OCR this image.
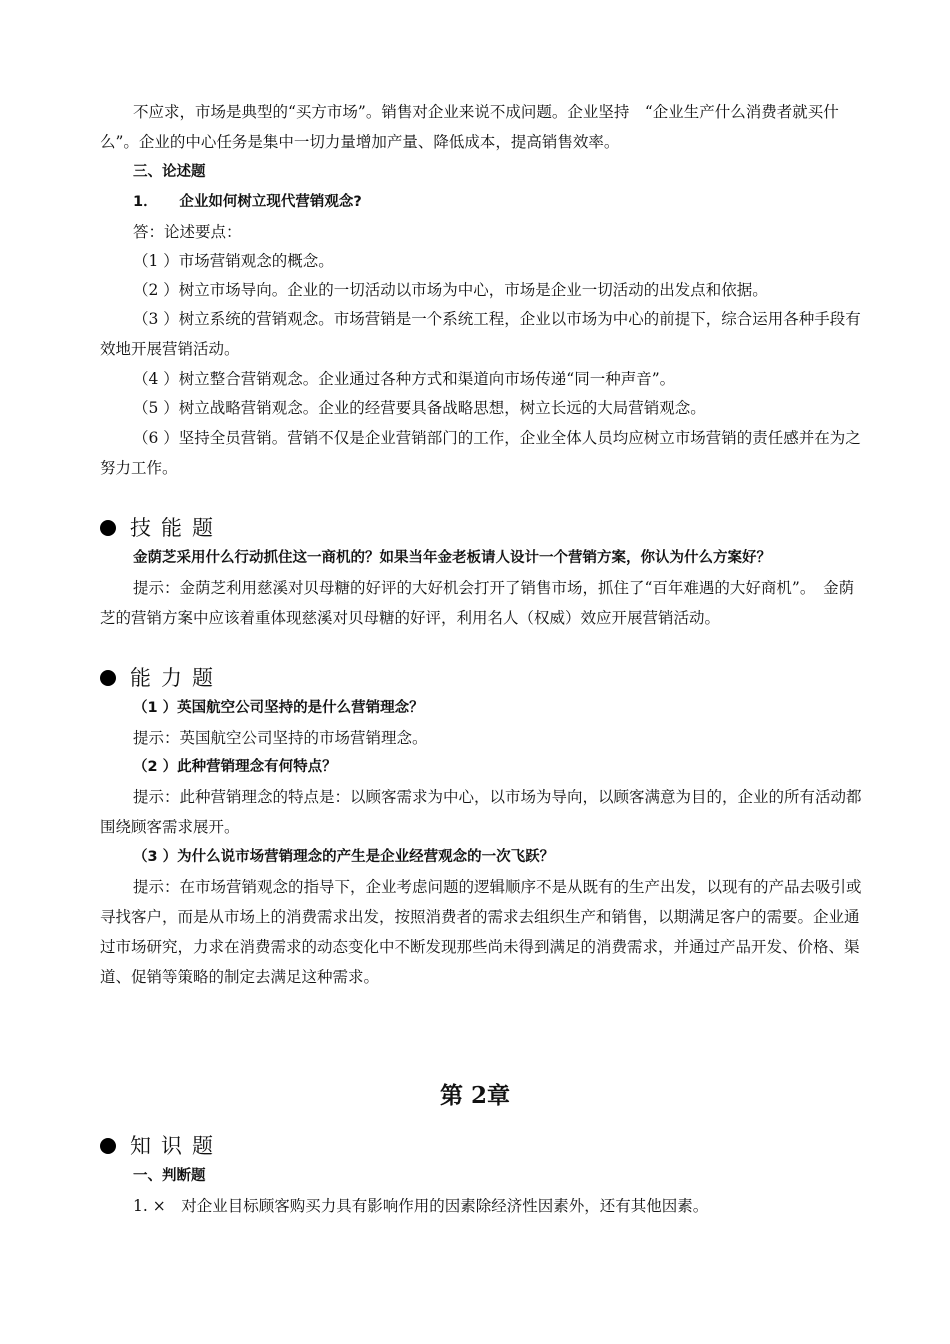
不应求，市场是典型的“买方市场”。销售对企业来说不成问题。企业坚持　“企业生产什么消费者就买什么”。企业的中心任务是集中一切力量增加产量、降低成本，提高销售效率。

三、论述题

1．　　企业如何树立现代营销观念?

答：论述要点：

（1 ）市场营销观念的概念。

（2 ）树立市场导向。企业的一切活动以市场为中心，市场是企业一切活动的出发点和依据。

（3 ）树立系统的营销观念。市场营销是一个系统工程，企业以市场为中心的前提下，综合运用各种手段有效地开展营销活动。

（4 ）树立整合营销观念。企业通过各种方式和渠道向市场传递“同一种声音”。

（5 ）树立战略营销观念。企业的经营要具备战略思想，树立长远的大局营销观念。

（6 ）坚持全员营销。营销不仅是企业营销部门的工作，企业全体人员均应树立市场营销的责任感并在为之努力工作。

技能题

金荫芝采用什么行动抓住这一商机的？如果当年金老板请人设计一个营销方案，你认为什么方案好？

提示：金荫芝利用慈溪对贝母糖的好评的大好机会打开了销售市场，抓住了“百年难遇的大好商机”。　金荫芝的营销方案中应该着重体现慈溪对贝母糖的好评，利用名人（权威）效应开展营销活动。

能力题

（1 ）英国航空公司坚持的是什么营销理念？

提示：英国航空公司坚持的市场营销理念。

（2 ）此种营销理念有何特点？

提示：此种营销理念的特点是：以顾客需求为中心，以市场为导向，以顾客满意为目的，企业的所有活动都围绕顾客需求展开。

（3 ）为什么说市场营销理念的产生是企业经营观念的一次飞跃？

提示：在市场营销观念的指导下，企业考虑问题的逻辑顺序不是从既有的生产出发，以现有的产品去吸引或寻找客户，而是从市场上的消费需求出发，按照消费者的需求去组织生产和销售，以期满足客户的需要。企业通过市场研究，力求在消费需求的动态变化中不断发现那些尚未得到满足的消费需求，并通过产品开发、价格、渠道、促销等策略的制定去满足这种需求。

第 2章
知识题

一、判断题

1. ×　对企业目标顾客购买力具有影响作用的因素除经济性因素外，还有其他因素。
